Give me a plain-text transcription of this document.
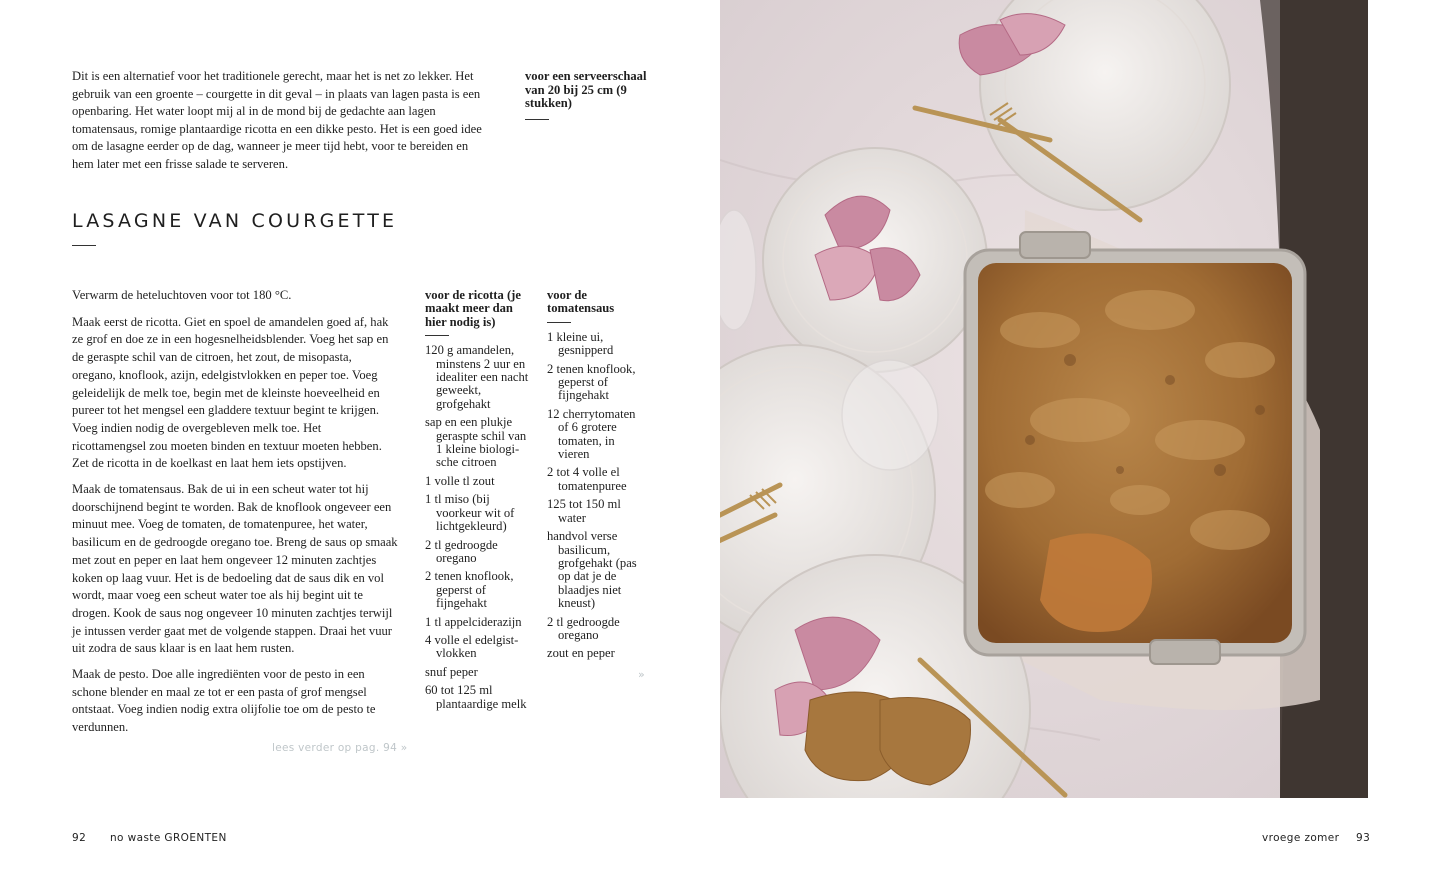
Dit is een alternatief voor het traditionele gerecht, maar het is net zo lekker. Het gebruik van een groente – courgette in dit geval – in plaats van lagen pasta is een openbaring. Het water loopt mij al in de mond bij de gedachte aan lagen tomatensaus, romige plantaardige ricotta en een dikke pesto. Het is een goed idee om de lasagne eerder op de dag, wanneer je meer tijd hebt, voor te bereiden en hem later met een frisse salade te serveren.
voor een serveerschaal van 20 bij 25 cm (9 stukken)
LASAGNE VAN COURGETTE

Verwarm de heteluchtoven voor tot 180 °C.

Maak eerst de ricotta. Giet en spoel de amandelen goed af, hak ze grof en doe ze in een hogesnelheidsblender. Voeg het sap en de geraspte schil van de citroen, het zout, de misopasta, oregano, knoflook, azijn, edelgistvlokken en peper toe. Voeg geleidelijk de melk toe, begin met de kleinste hoeveelheid en pureer tot het mengsel een gladdere textuur begint te krijgen. Voeg indien nodig de overgebleven melk toe. Het ricottamengsel zou moeten binden en textuur moeten hebben. Zet de ricotta in de koelkast en laat hem iets opstijven.

Maak de tomatensaus. Bak de ui in een scheut water tot hij doorschijnend begint te worden. Bak de knoflook ongeveer een minuut mee. Voeg de tomaten, de tomatenpuree, het water, basilicum en de gedroogde oregano toe. Breng de saus op smaak met zout en peper en laat hem ongeveer 12 minuten zachtjes koken op laag vuur. Het is de bedoeling dat de saus dik en vol wordt, maar voeg een scheut water toe als hij begint uit te drogen. Kook de saus nog ongeveer 10 minuten zachtjes terwijl je intussen verder gaat met de volgende stappen. Draai het vuur uit zodra de saus klaar is en laat hem rusten.

Maak de pesto. Doe alle ingrediënten voor de pesto in een schone blender en maal ze tot er een pasta of grof mengsel ontstaat. Voeg indien nodig extra olijfolie toe om de pesto te verdunnen.

lees verder op pag. 94 »
voor de ricotta (je maakt meer dan hier nodig is)
120 g amandelen, minstens 2 uur en idealiter een nacht geweekt, grofgehakt
sap en een plukje geraspte schil van 1 kleine biologi-sche citroen
1 volle tl zout
1 tl miso (bij voorkeur wit of lichtgekleurd)
2 tl gedroogde oregano
2 tenen knoflook, geperst of fijngehakt
1 tl appelciderazijn
4 volle el edelgist-vlokken
snuf peper
60 tot 125 ml plantaardige melk
voor de tomatensaus
1 kleine ui, gesnipperd
2 tenen knoflook, geperst of fijngehakt
12 cherrytomaten of 6 grotere tomaten, in vieren
2 tot 4 volle el tomatenpuree
125 tot 150 ml water
handvol verse basilicum, grofgehakt (pas op dat je de blaadjes niet kneust)
2 tl gedroogde oregano
zout en peper
»
92 no waste GROENTEN	vroege zomer 93
